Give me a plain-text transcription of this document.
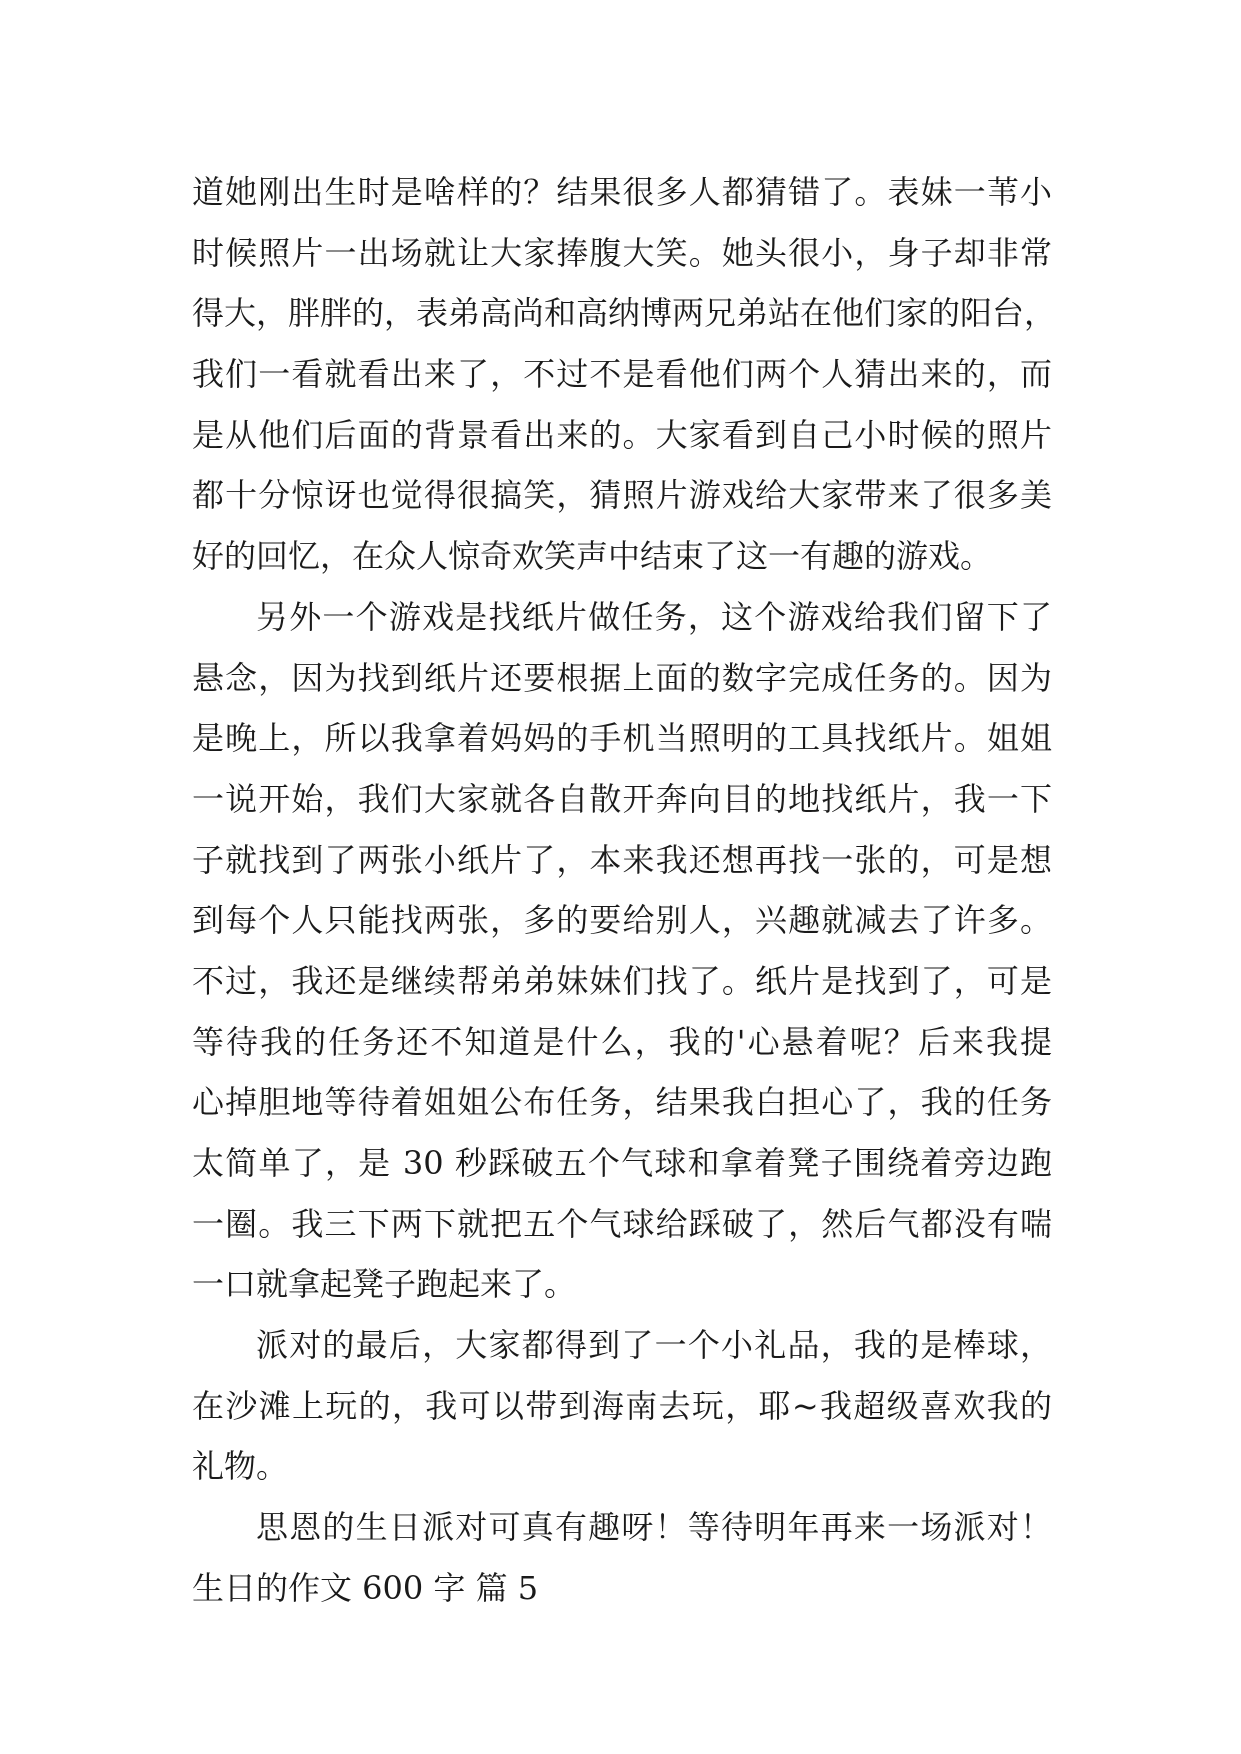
道她刚出生时是啥样的？结果很多人都猜错了。表妹一苇小
时候照片一出场就让大家捧腹大笑。她头很小，身子却非常
得大，胖胖的，表弟高尚和高纳博两兄弟站在他们家的阳台，
我们一看就看出来了，不过不是看他们两个人猜出来的，而
是从他们后面的背景看出来的。大家看到自己小时候的照片
都十分惊讶也觉得很搞笑，猜照片游戏给大家带来了很多美
好的回忆，在众人惊奇欢笑声中结束了这一有趣的游戏。
另外一个游戏是找纸片做任务，这个游戏给我们留下了
悬念，因为找到纸片还要根据上面的数字完成任务的。因为
是晚上，所以我拿着妈妈的手机当照明的工具找纸片。姐姐
一说开始，我们大家就各自散开奔向目的地找纸片，我一下
子就找到了两张小纸片了，本来我还想再找一张的，可是想
到每个人只能找两张，多的要给别人，兴趣就减去了许多。
不过，我还是继续帮弟弟妹妹们找了。纸片是找到了，可是
等待我的任务还不知道是什么，我的'心悬着呢？后来我提
心掉胆地等待着姐姐公布任务，结果我白担心了，我的任务
太简单了，是 30 秒踩破五个气球和拿着凳子围绕着旁边跑
一圈。我三下两下就把五个气球给踩破了，然后气都没有喘
一口就拿起凳子跑起来了。
派对的最后，大家都得到了一个小礼品，我的是棒球，
在沙滩上玩的，我可以带到海南去玩，耶~我超级喜欢我的
礼物。
思恩的生日派对可真有趣呀！等待明年再来一场派对！
生日的作文 600 字 篇 5
